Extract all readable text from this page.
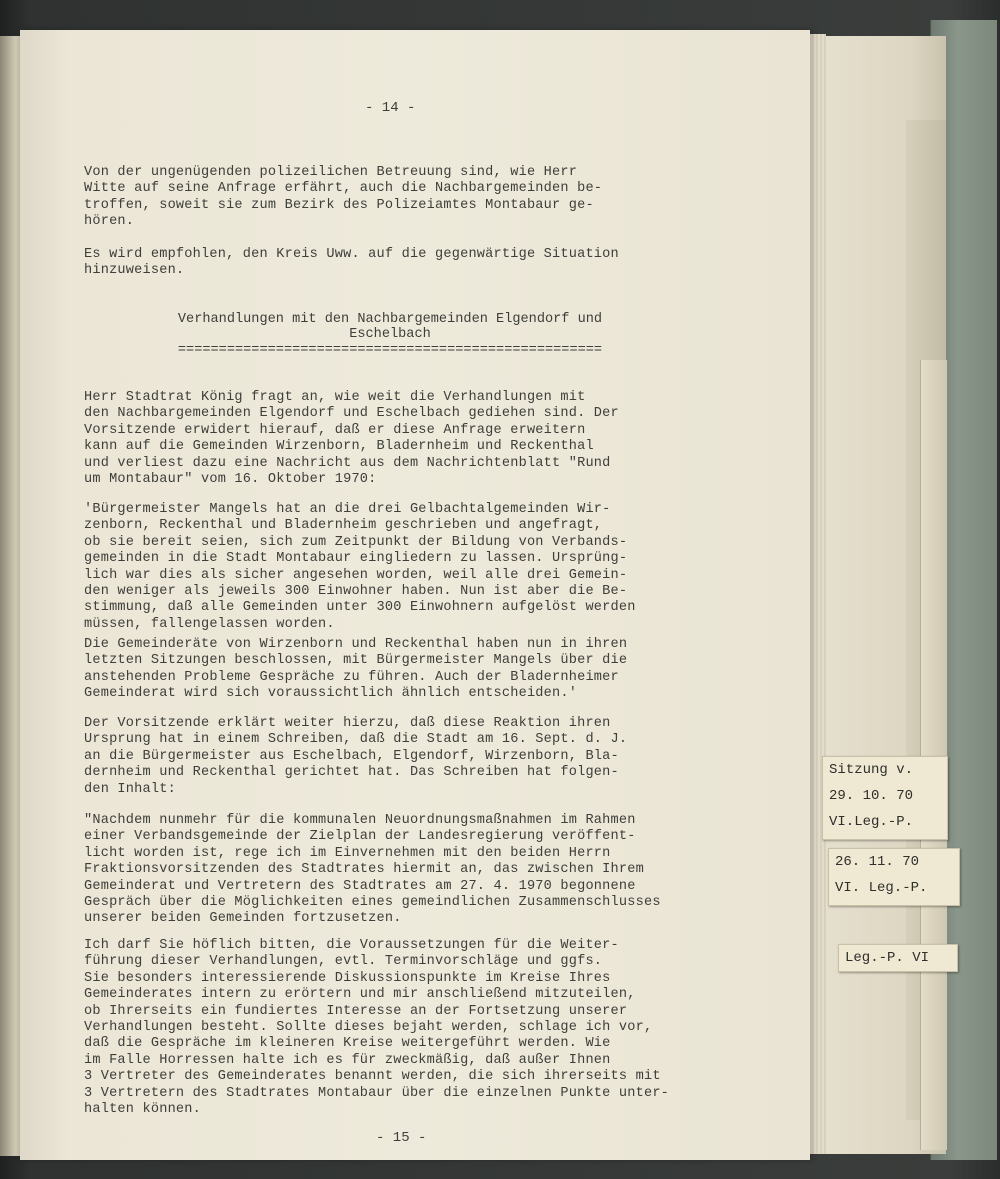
- 14 -
Von der ungenügenden polizeilichen Betreuung sind, wie Herr
Witte auf seine Anfrage erfährt, auch die Nachbargemeinden be-
troffen, soweit sie zum Bezirk des Polizeiamtes Montabaur ge-
hören.
Es wird empfohlen, den Kreis Uww. auf die gegenwärtige Situation
hinzuweisen.
Verhandlungen mit den Nachbargemeinden Elgendorf und
Eschelbach
====================================================
Herr Stadtrat König fragt an, wie weit die Verhandlungen mit
den Nachbargemeinden Elgendorf und Eschelbach gediehen sind. Der
Vorsitzende erwidert hierauf, daß er diese Anfrage erweitern
kann auf die Gemeinden Wirzenborn, Bladernheim und Reckenthal
und verliest dazu eine Nachricht aus dem Nachrichtenblatt "Rund
um Montabaur" vom 16. Oktober 1970:
'Bürgermeister Mangels hat an die drei Gelbachtalgemeinden Wir-
zenborn, Reckenthal und Bladernheim geschrieben und angefragt,
ob sie bereit seien, sich zum Zeitpunkt der Bildung von Verbands-
gemeinden in die Stadt Montabaur eingliedern zu lassen. Ursprüng-
lich war dies als sicher angesehen worden, weil alle drei Gemein-
den weniger als jeweils 300 Einwohner haben. Nun ist aber die Be-
stimmung, daß alle Gemeinden unter 300 Einwohnern aufgelöst werden
müssen, fallengelassen worden.
Die Gemeinderäte von Wirzenborn und Reckenthal haben nun in ihren
letzten Sitzungen beschlossen, mit Bürgermeister Mangels über die
anstehenden Probleme Gespräche zu führen. Auch der Bladernheimer
Gemeinderat wird sich voraussichtlich ähnlich entscheiden.'
Der Vorsitzende erklärt weiter hierzu, daß diese Reaktion ihren
Ursprung hat in einem Schreiben, daß die Stadt am 16. Sept. d. J.
an die Bürgermeister aus Eschelbach, Elgendorf, Wirzenborn, Bla-
dernheim und Reckenthal gerichtet hat. Das Schreiben hat folgen-
den Inhalt:
"Nachdem nunmehr für die kommunalen Neuordnungsmaßnahmen im Rahmen
einer Verbandsgemeinde der Zielplan der Landesregierung veröffent-
licht worden ist, rege ich im Einvernehmen mit den beiden Herrn
Fraktionsvorsitzenden des Stadtrates hiermit an, das zwischen Ihrem
Gemeinderat und Vertretern des Stadtrates am 27. 4. 1970 begonnene
Gespräch über die Möglichkeiten eines gemeindlichen Zusammenschlusses
unserer beiden Gemeinden fortzusetzen.
Ich darf Sie höflich bitten, die Voraussetzungen für die Weiter-
führung dieser Verhandlungen, evtl. Terminvorschläge und ggfs.
Sie besonders interessierende Diskussionspunkte im Kreise Ihres
Gemeinderates intern zu erörtern und mir anschließend mitzuteilen,
ob Ihrerseits ein fundiertes Interesse an der Fortsetzung unserer
Verhandlungen besteht. Sollte dieses bejaht werden, schlage ich vor,
daß die Gespräche im kleineren Kreise weitergeführt werden. Wie
im Falle Horressen halte ich es für zweckmäßig, daß außer Ihnen
3 Vertreter des Gemeinderates benannt werden, die sich ihrerseits mit
3 Vertretern des Stadtrates Montabaur über die einzelnen Punkte unter-
halten können.
- 15 -
Leg.-P. VI
26. 11. 70
VI. Leg.-P.
Sitzung v.
29. 10. 70
VI.Leg.-P.
